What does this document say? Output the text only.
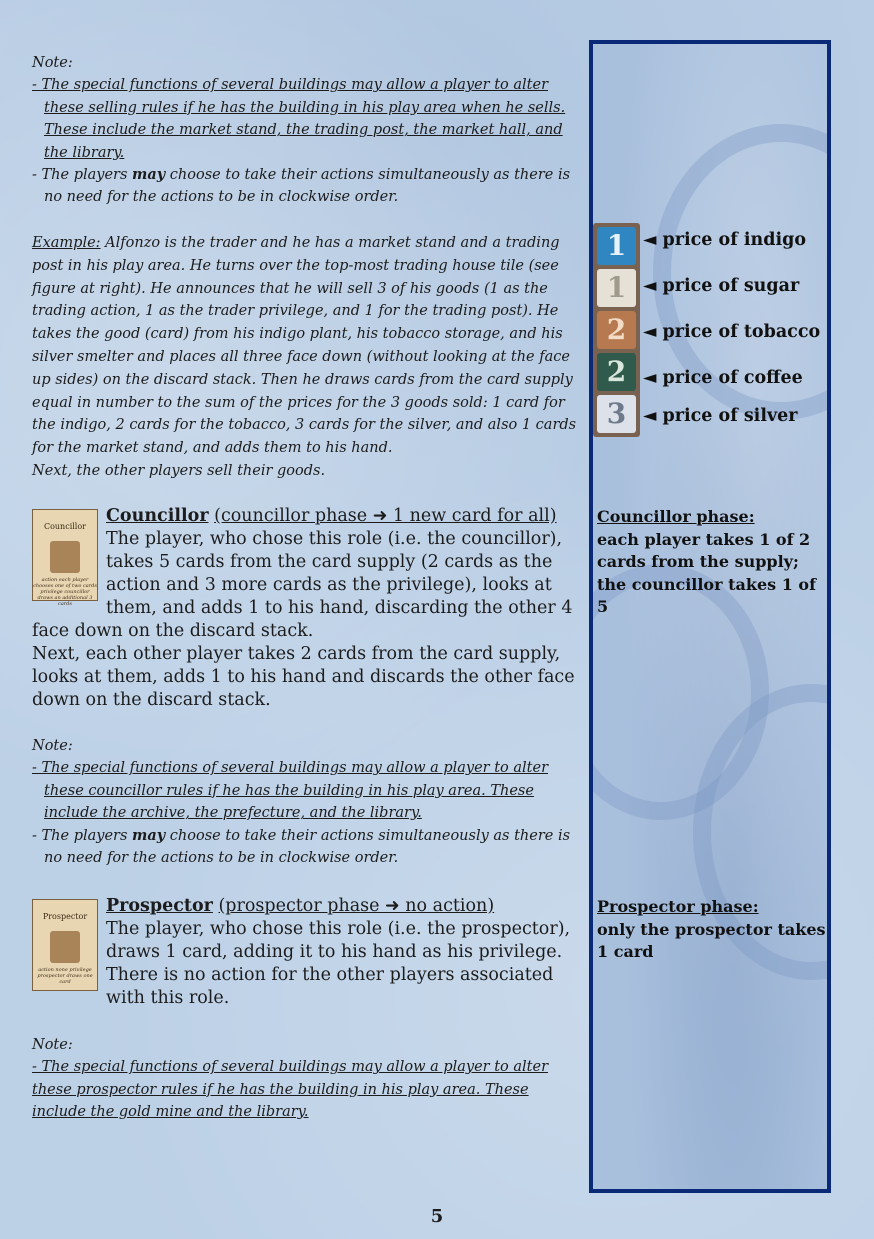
Note:

- The special functions of several buildings may allow a player to alter these selling rules if he has the building in his play area when he sells. These include the market stand, the trading post, the market hall, and the library.

- The players may choose to take their actions simultaneously as there is no need for the actions to be in clockwise order.

Example: Alfonzo is the trader and he has a market stand and a trading post in his play area. He turns over the top-most trading house tile (see figure at right). He announces that he will sell 3 of his goods (1 as the trading action, 1 as the trader privilege, and 1 for the trading post). He takes the good (card) from his indigo plant, his tobacco storage, and his silver smelter and places all three face down (without looking at the face up sides) on the discard stack. Then he draws cards from the card supply equal in number to the sum of the prices for the 3 goods sold: 1 card for the indigo, 2 cards for the tobacco, 3 cards for the silver, and also 1 cards for the market stand, and adds them to his hand.

Next, the other players sell their goods.

1
1
2
2
3
◄ price of indigo
◄ price of sugar
◄ price of tobacco
◄ price of coffee
◄ price of silver
Councillor
action each player chooses one of two cards privilege councillor draws an additional 3 cards
Councillor (councillor phase ➜ 1 new card for all)
The player, who chose this role (i.e. the councillor), takes 5 cards from the card supply (2 cards as the action and 3 more cards as the privilege), looks at them, and adds 1 to his hand, discarding the other 4 face down on the discard stack.
Next, each other player takes 2 cards from the card supply, looks at them, adds 1 to his hand and discards the other face down on the discard stack.

Note:

- The special functions of several buildings may allow a player to alter these councillor rules if he has the building in his play area. These include the archive, the prefecture, and the library.

- The players may choose to take their actions simultaneously as there is no need for the actions to be in clockwise order.

Prospector
action none privilege prospector draws one card
Prospector (prospector phase ➜ no action)
The player, who chose this role (i.e. the prospector), draws 1 card, adding it to his hand as his privilege. There is no action for the other players associated with this role.

Note:

- The special functions of several buildings may allow a player to alter these prospector rules if he has the building in his play area. These include the gold mine and the library.

Councillor phase:
each player takes 1 of 2 cards from the supply; the councillor takes 1 of 5
Prospector phase:
only the prospector takes 1 card
5
